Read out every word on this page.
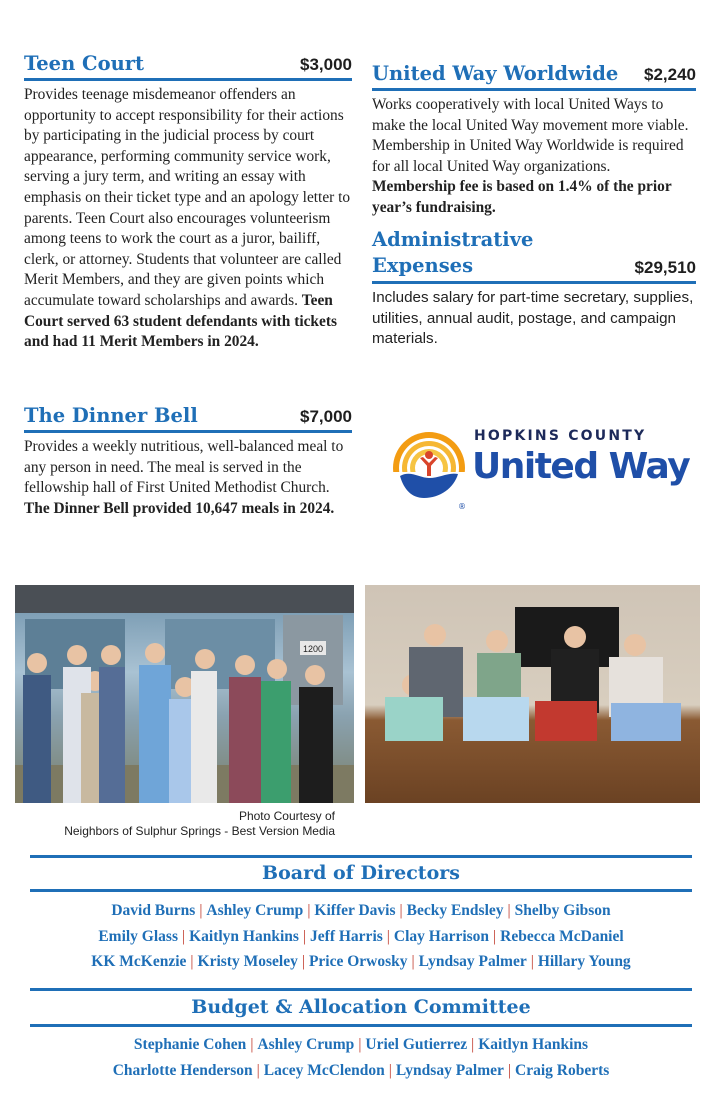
Teen Court	$3,000

Provides teenage misdemeanor offenders an opportunity to accept responsibility for their actions by participating in the judicial process by court appearance, performing community service work, serving a jury term, and writing an essay with emphasis on their ticket type and an apology letter to parents. Teen Court also encourages volunteerism among teens to work the court as a juror, bailiff, clerk, or attorney. Students that volunteer are called Merit Members, and they are given points which accumulate toward scholarships and awards. Teen Court served 63 student defendants with tickets and had 11 Merit Members in 2024.

The Dinner Bell	$7,000

Provides a weekly nutritious, well-balanced meal to any person in need. The meal is served in the fellowship hall of First United Methodist Church. The Dinner Bell provided 10,647 meals in 2024.

United Way Worldwide $2,240

Works cooperatively with local United Ways to make the local United Way movement more viable. Membership in United Way Worldwide is required for all local United Way organizations. Membership fee is based on 1.4% of the prior year’s fundraising.

Administrative
Expenses	$29,510

Includes salary for part-time secretary, supplies, utilities, annual audit, postage, and campaign materials.

HOPKINS COUNTY
United Way
®
1200
Photo Courtesy of
Neighbors of Sulphur Springs - Best Version Media
Board of Directors
David Burns | Ashley Crump | Kiffer Davis | Becky Endsley | Shelby Gibson
Emily Glass | Kaitlyn Hankins | Jeff Harris | Clay Harrison | Rebecca McDaniel
KK McKenzie | Kristy Moseley | Price Orwosky | Lyndsay Palmer | Hillary Young
Budget & Allocation Committee
Stephanie Cohen | Ashley Crump | Uriel Gutierrez | Kaitlyn Hankins
Charlotte Henderson | Lacey McClendon | Lyndsay Palmer | Craig Roberts
